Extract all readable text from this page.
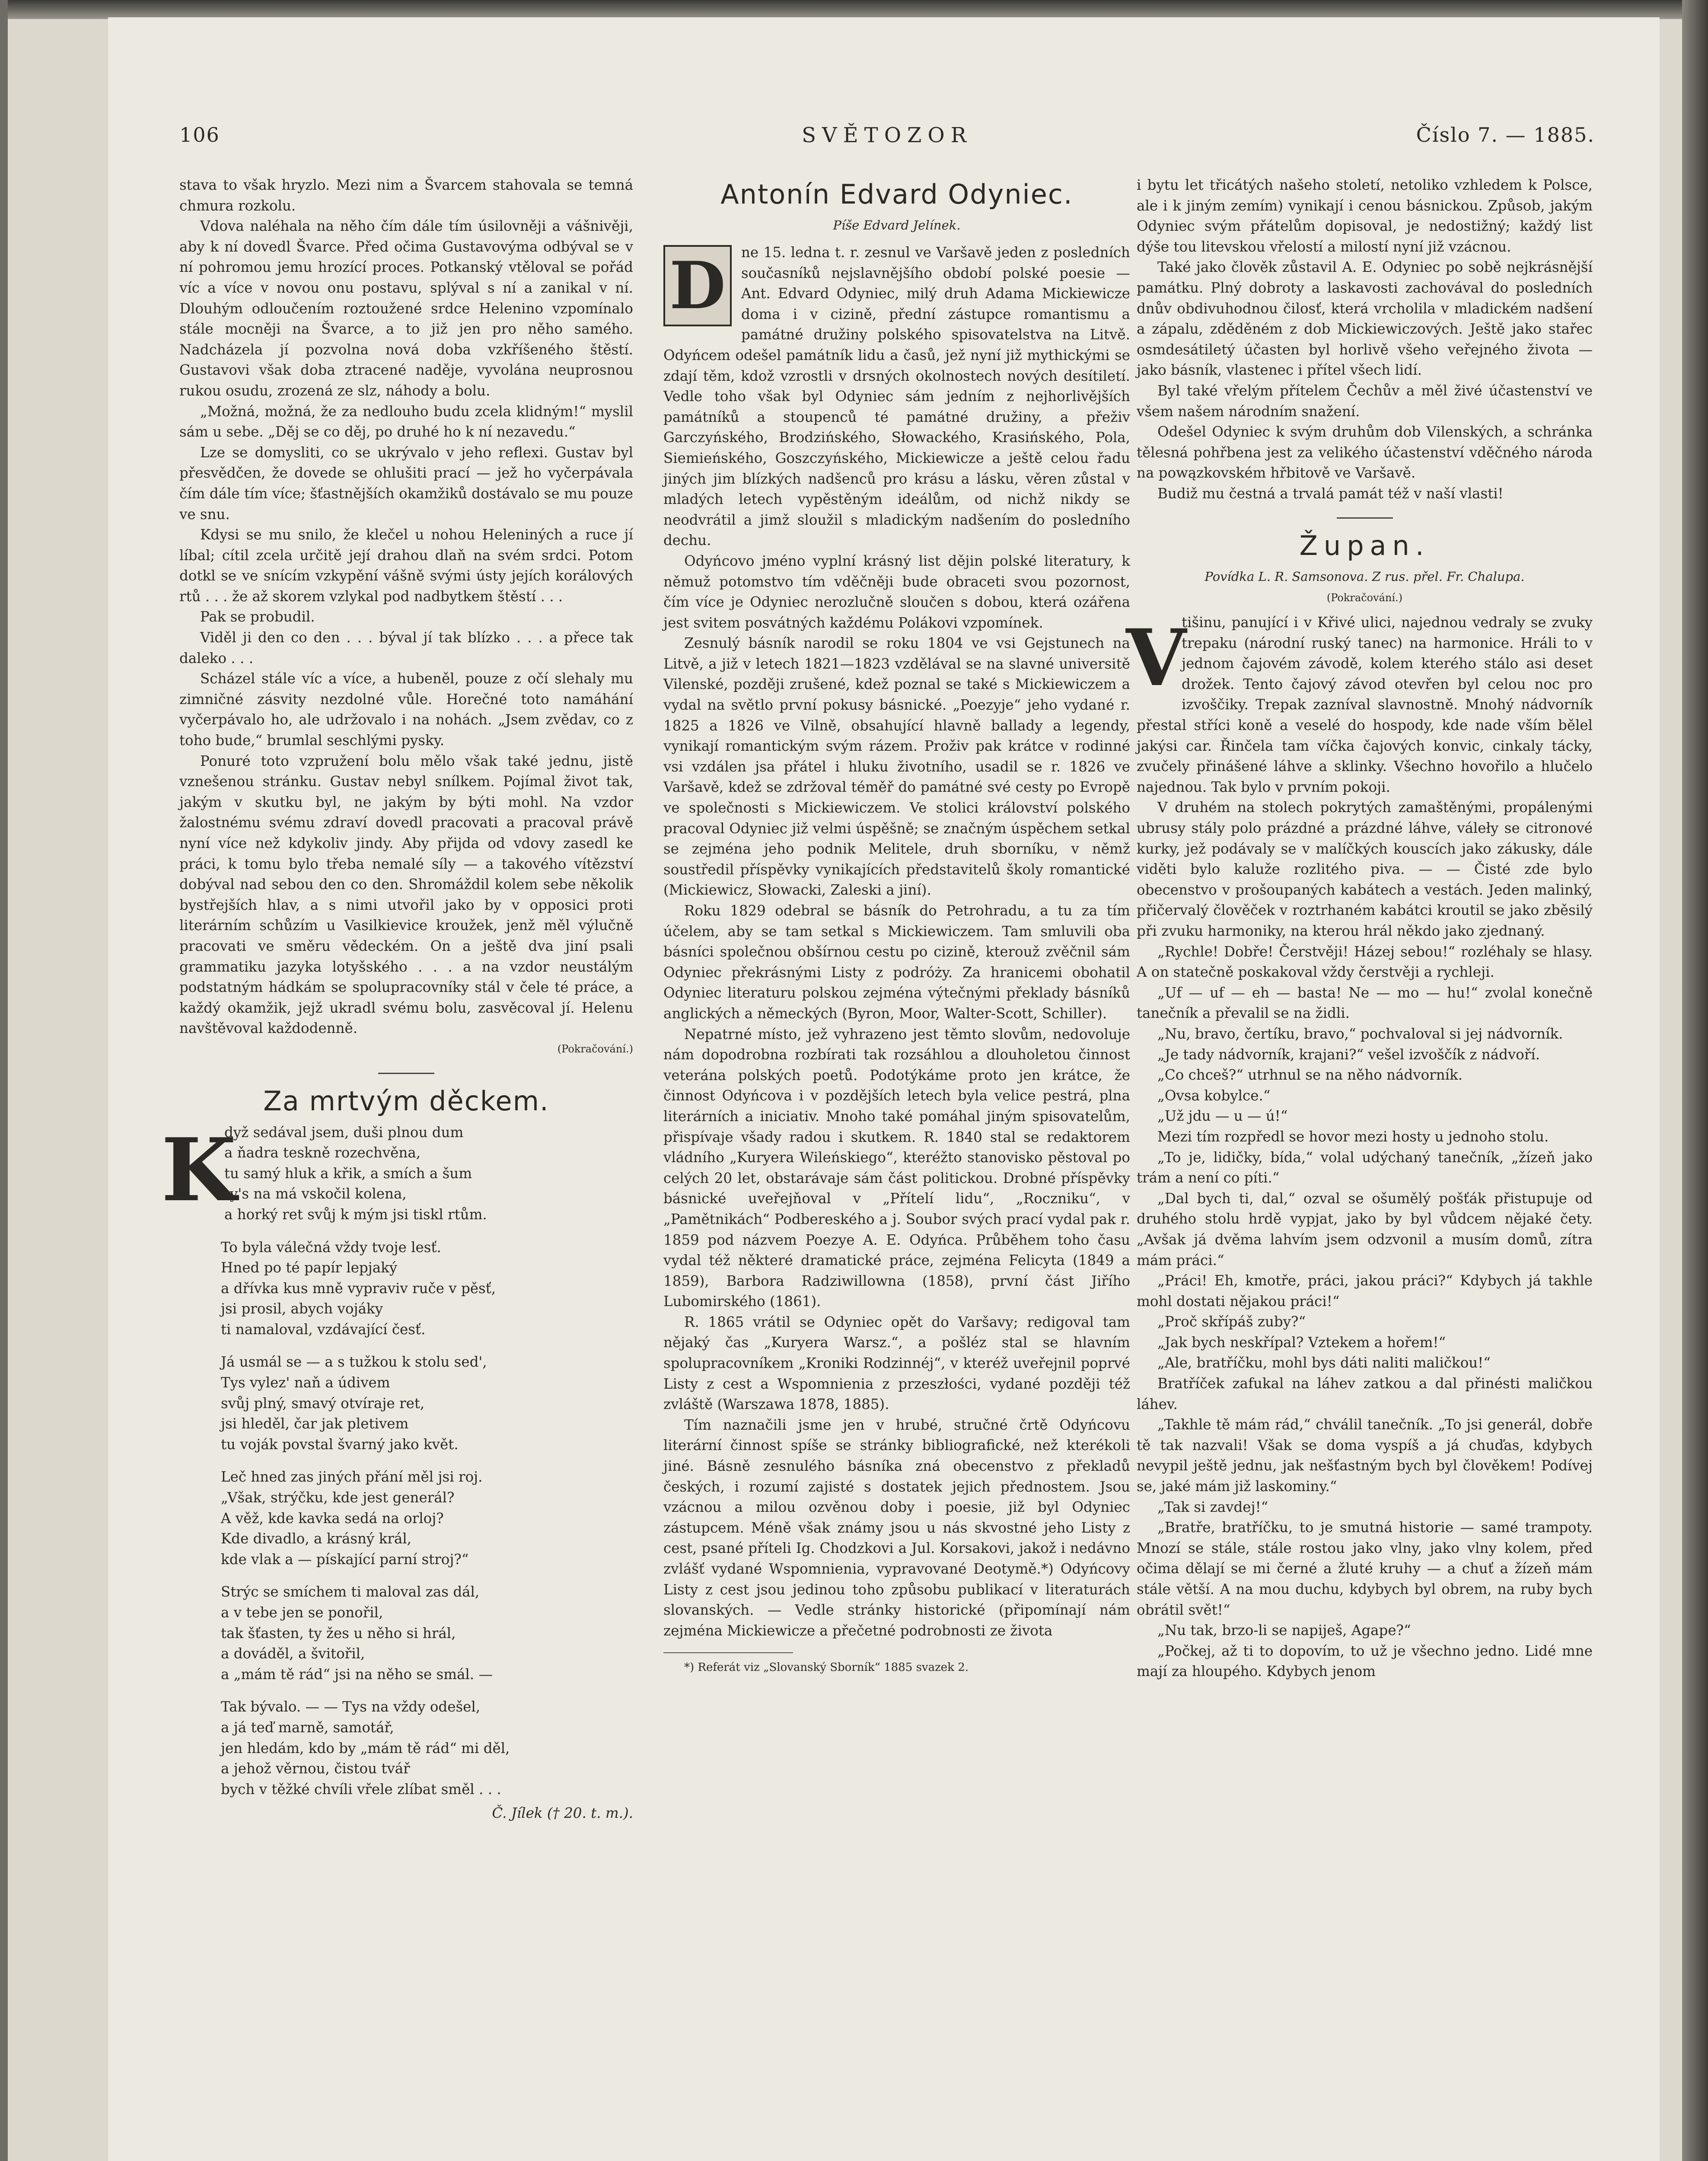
106	SVĚTOZOR	Číslo 7. — 1885.

stava to však hryzlo. Mezi nim a Švarcem stahovala se temná chmura rozkolu.

Vdova naléhala na něho čím dále tím úsilovněji a vášnivěji, aby k ní dovedl Švarce. Před očima Gustavovýma odbýval se v ní pohromou jemu hrozící proces. Potkanský vtěloval se pořád víc a více v novou onu postavu, splýval s ní a zanikal v ní. Dlouhým odloučením roztoužené srdce Helenino vzpomínalo stále mocněji na Švarce, a to již jen pro něho samého. Nadcházela jí pozvolna nová doba vzkříšeného štěstí. Gustavovi však doba ztracené naděje, vyvolána neuprosnou rukou osudu, zrozená ze slz, náhody a bolu.

„Možná, možná, že za nedlouho budu zcela klidným!“ myslil sám u sebe. „Děj se co děj, po druhé ho k ní nezavedu.“

Lze se domysliti, co se ukrývalo v jeho reflexi. Gustav byl přesvědčen, že dovede se ohlušiti prací — jež ho vyčerpávala čím dále tím více; šťastnějších okamžiků dostávalo se mu pouze ve snu.

Kdysi se mu snilo, že klečel u nohou Heleniných a ruce jí líbal; cítil zcela určitě její drahou dlaň na svém srdci. Potom dotkl se ve snícím vzkypění vášně svými ústy jejích korálových rtů . . . že až skorem vzlykal pod nadbytkem štěstí . . .

Pak se probudil.

Viděl ji den co den . . . býval jí tak blízko . . . a přece tak daleko . . .

Scházel stále víc a více, a hubeněl, pouze z očí slehaly mu zimničné zásvity nezdolné vůle. Horečné toto namáhání vyčerpávalo ho, ale udržovalo i na nohách. „Jsem zvědav, co z toho bude,“ brumlal seschlými pysky.

Ponuré toto vzpružení bolu mělo však také jednu, jistě vznešenou stránku. Gustav nebyl snílkem. Pojímal život tak, jakým v skutku byl, ne jakým by býti mohl. Na vzdor žalostnému svému zdraví dovedl pracovati a pracoval právě nyní více než kdykoliv jindy. Aby přijda od vdovy zasedl ke práci, k tomu bylo třeba nemalé síly — a takového vítězství dobýval nad sebou den co den. Shromáždil kolem sebe několik bystřejších hlav, a s nimi utvořil jako by v opposici proti literárním schůzím u Vasilkievice kroužek, jenž měl výlučně pracovati ve směru vědeckém. On a ještě dva jiní psali grammatiku jazyka lotyšského . . . a na vzdor neustálým podstatným hádkám se spolupracovníky stál v čele té práce, a každý okamžik, jejž ukradl svému bolu, zasvěcoval jí. Helenu navštěvoval každodenně.

(Pokračování.)
Za mrtvým děckem.
K
dyž sedával jsem, duši plnou dum
a ňadra teskně rozechvěna,
tu samý hluk a křik, a smích a šum
ty's na má vskočil kolena,
a horký ret svůj k mým jsi tiskl rtům.
To byla válečná vždy tvoje lesť.
Hned po té papír lepjaký
a dřívka kus mně vypraviv ruče v pěsť,
jsi prosil, abych vojáky
ti namaloval, vzdávající česť.
Já usmál se — a s tužkou k stolu sed',
Tys vylez' naň a údivem
svůj plný, smavý otvíraje ret,
jsi hleděl, čar jak pletivem
tu voják povstal švarný jako květ.
Leč hned zas jiných přání měl jsi roj.
„Však, strýčku, kde jest generál?
A věž, kde kavka sedá na orloj?
Kde divadlo, a krásný král,
kde vlak a — pískající parní stroj?“
Strýc se smíchem ti maloval zas dál,
a v tebe jen se ponořil,
tak šťasten, ty žes u něho si hrál,
a dováděl, a švitořil,
a „mám tě rád“ jsi na něho se smál. —
Tak bývalo. — — Tys na vždy odešel,
a já teď marně, samotář,
jen hledám, kdo by „mám tě rád“ mi děl,
a jehož věrnou, čistou tvář
bych v těžké chvíli vřele zlíbat směl . . .
Č. Jílek († 20. t. m.).
Antonín Edvard Odyniec.
Píše Edvard Jelínek.
D	ne 15. ledna t. r. zesnul ve Varšavě jeden z posledních současníků nejslavnějšího období polské poesie — Ant. Edvard Odyniec, milý druh Adama Mickiewicze doma i v cizině, přední zástupce romantismu a památné družiny polského spisovatelstva na Litvě. Odyńcem odešel památník lidu a časů, jež nyní již mythickými se zdají těm, kdož vzrostli v drsných okolnostech nových desítiletí. Vedle toho však byl Odyniec sám jedním z nejhorlivějších památníků a stoupenců té památné družiny, a přeživ Garczyńského, Brodzińského, Słowackého, Krasińského, Pola, Siemieńského, Goszczyńského, Mickiewicze a ještě celou řadu jiných jim blízkých nadšenců pro krásu a lásku, věren zůstal v mladých letech vypěstěným ideálům, od nichž nikdy se neodvrátil a jimž sloužil s mladickým nadšením do posledního dechu.

Odyńcovo jméno vyplní krásný list dějin polské literatury, k němuž potomstvo tím vděčněji bude obraceti svou pozornost, čím více je Odyniec nerozlučně sloučen s dobou, která ozářena jest svitem posvátných každému Polákovi vzpomínek.

Zesnulý básník narodil se roku 1804 ve vsi Gejstunech na Litvě, a již v letech 1821—1823 vzdělával se na slavné universitě Vilenské, později zrušené, kdež poznal se také s Mickiewiczem a vydal na světlo první pokusy básnické. „Poezyje“ jeho vydané r. 1825 a 1826 ve Vilně, obsahující hlavně ballady a legendy, vynikají romantickým svým rázem. Proživ pak krátce v rodinné vsi vzdálen jsa přátel i hluku životního, usadil se r. 1826 ve Varšavě, kdež se zdržoval téměř do památné své cesty po Evropě ve společnosti s Mickiewiczem. Ve stolici království polského pracoval Odyniec již velmi úspěšně; se značným úspěchem setkal se zejména jeho podnik Melitele, druh sborníku, v němž soustředil příspěvky vynikajících představitelů školy romantické (Mickiewicz, Słowacki, Zaleski a jiní).

Roku 1829 odebral se básník do Petrohradu, a tu za tím účelem, aby se tam setkal s Mickiewiczem. Tam smluvili oba básníci společnou obšírnou cestu po cizině, kterouž zvěčnil sám Odyniec překrásnými Listy z podróży. Za hranicemi obohatil Odyniec literaturu polskou zejména výtečnými překlady básníků anglických a německých (Byron, Moor, Walter-Scott, Schiller).

Nepatrné místo, jež vyhrazeno jest těmto slovům, nedovoluje nám dopodrobna rozbírati tak rozsáhlou a dlouholetou činnost veterána polských poetů. Podotýkáme proto jen krátce, že činnost Odyńcova i v pozdějších letech byla velice pestrá, plna literárních a iniciativ. Mnoho také pomáhal jiným spisovatelům, přispívaje všady radou i skutkem. R. 1840 stal se redaktorem vládního „Kuryera Wileńskiego“, kteréžto stanovisko pěstoval po celých 20 let, obstarávaje sám část politickou. Drobné příspěvky básnické uveřejňoval v „Přítelí lidu“, „Roczniku“, v „Pamětnikách“ Podbereského a j. Soubor svých prací vydal pak r. 1859 pod názvem Poezye A. E. Odyńca. Průběhem toho času vydal též některé dramatické práce, zejména Felicyta (1849 a 1859), Barbora Radziwillowna (1858), první část Jiřího Lubomirského (1861).

R. 1865 vrátil se Odyniec opět do Varšavy; redigoval tam nějaký čas „Kuryera Warsz.“, a pošléz stal se hlavním spolupracovníkem „Kroniki Rodzinnéj“, v kteréž uveřejnil poprvé Listy z cest a Wspomnienia z przeszłości, vydané později též zvláště (Warszawa 1878, 1885).

Tím naznačili jsme jen v hrubé, stručné črtě Odyńcovu literární činnost spíše se stránky bibliografické, než kterékoli jiné. Básně zesnulého básníka zná obecenstvo z překladů českých, i rozumí zajisté s dostatek jejich přednostem. Jsou vzácnou a milou ozvěnou doby i poesie, již byl Odyniec zástupcem. Méně však známy jsou u nás skvostné jeho Listy z cest, psané příteli Ig. Chodzkovi a Jul. Korsakovi, jakož i nedávno zvlášť vydané Wspomnienia, vypravované Deotymě.*) Odyńcovy Listy z cest jsou jedinou toho způsobu publikací v literaturách slovanských. — Vedle stránky historické (připomínají nám zejména Mickiewicze a přečetné podrobnosti ze života

*) Referát viz „Slovanský Sborník“ 1885 svazek 2.

i bytu let třicátých našeho století, netoliko vzhledem k Polsce, ale i k jiným zemím) vynikají i cenou básnickou. Způsob, jakým Odyniec svým přátelům dopisoval, je nedostižný; každý list dýše tou litevskou vřelostí a milostí nyní již vzácnou.

Také jako člověk zůstavil A. E. Odyniec po sobě nejkrásnější památku. Plný dobroty a laskavosti zachovával do posledních dnův obdivuhodnou čilosť, která vrcholila v mladickém nadšení a zápalu, zděděném z dob Mickiewiczových. Ještě jako stařec osmdesátiletý účasten byl horlivě všeho veřejného života — jako básník, vlastenec i přítel všech lidí.

Byl také vřelým přítelem Čechův a měl živé účastenství ve všem našem národním snažení.

Odešel Odyniec k svým druhům dob Vilenských, a schránka tělesná pohřbena jest za velikého účastenství vděčného národa na powązkovském hřbitově ve Varšavě.

Budiž mu čestná a trvalá památ též v naší vlasti!

Župan.
Povídka L. R. Samsonova. Z rus. přel. Fr. Chalupa.
(Pokračování.)
V

tišinu, panující i v Křivé ulici, najednou vedraly se zvuky trepaku (národní ruský tanec) na harmonice. Hráli to v jednom čajovém závodě, kolem kterého stálo asi deset drožek. Tento čajový závod otevřen byl celou noc pro izvoščiky. Trepak zazníval slavnostně. Mnohý nádvorník přestal stříci koně a veselé do hospody, kde nade vším bělel jakýsi car. Řinčela tam víčka čajových konvic, cinkaly tácky, zvučely přinášené láhve a sklinky. Všechno hovořilo a hlučelo najednou. Tak bylo v prvním pokoji.

V druhém na stolech pokrytých zamaštěnými, propálenými ubrusy stály polo prázdné a prázdné láhve, váleły se citronové kurky, jež podávaly se v malíčkých kouscích jako zákusky, dále viděti bylo kaluže rozlitého piva. — — Čisté zde bylo obecenstvo v prošoupaných kabátech a vestách. Jeden malinký, přičervalý člověček v roztrhaném kabátci kroutil se jako zběsilý při zvuku harmoniky, na kterou hrál někdo jako zjednaný.

„Rychle! Dobře! Čerstvěji! Házej sebou!“ rozléhaly se hlasy. A on statečně poskakoval vždy čerstvěji a rychleji.

„Uf — uf — eh — basta! Ne — mo — hu!“ zvolal konečně tanečník a převalil se na židli.

„Nu, bravo, čertíku, bravo,“ pochvaloval si jej nádvorník.

„Je tady nádvorník, krajani?“ vešel izvoščík z nádvoří.

„Co chceš?“ utrhnul se na něho nádvorník.

„Ovsa kobylce.“

„Už jdu — u — ú!“

Mezi tím rozpředl se hovor mezi hosty u jednoho stolu.

„To je, lidičky, bída,“ volal udýchaný tanečník, „žízeň jako trám a není co píti.“

„Dal bych ti, dal,“ ozval se ošumělý pošťák přistupuje od druhého stolu hrdě vypjat, jako by byl vůdcem nějaké čety. „Avšak já dvěma lahvím jsem odzvonil a musím domů, zítra mám práci.“

„Práci! Eh, kmotře, práci, jakou práci?“ Kdybych já takhle mohl dostati nějakou práci!“

„Proč skřípáš zuby?“

„Jak bych neskřípal? Vztekem a hořem!“

„Ale, bratříčku, mohl bys dáti naliti maličkou!“

Bratříček zafukal na láhev zatkou a dal přinésti maličkou láhev.

„Takhle tě mám rád,“ chválil tanečník. „To jsi generál, dobře tě tak nazvali! Však se doma vyspíš a já chuďas, kdybych nevypil ještě jednu, jak nešťastným bych byl člověkem! Podívej se, jaké mám již laskominy.“

„Tak si zavdej!“

„Bratře, bratříčku, to je smutná historie — samé trampoty. Mnozí se stále, stále rostou jako vlny, jako vlny kolem, před očima dělají se mi černé a žluté kruhy — a chuť a žízeň mám stále větší. A na mou duchu, kdybych byl obrem, na ruby bych obrátil svět!“

„Nu tak, brzo-li se napiješ, Agape?“

„Počkej, až ti to dopovím, to už je všechno jedno. Lidé mne mají za hloupého. Kdybych jenom
